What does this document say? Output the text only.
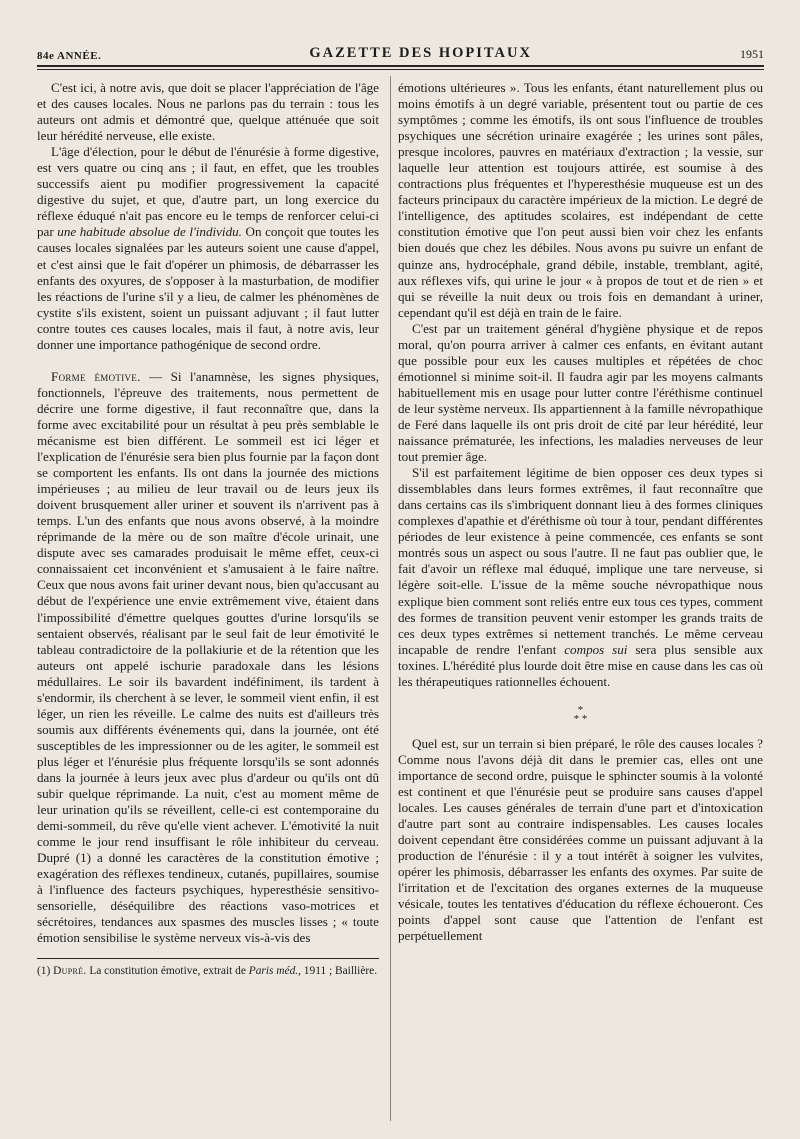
84e ANNÉE.	GAZETTE DES HOPITAUX	1951

C'est ici, à notre avis, que doit se placer l'appréciation de l'âge et des causes locales. Nous ne parlons pas du terrain : tous les auteurs ont admis et démontré que, quelque atténuée que soit leur hérédité nerveuse, elle existe.

L'âge d'élection, pour le début de l'énurésie à forme digestive, est vers quatre ou cinq ans ; il faut, en effet, que les troubles successifs aient pu modifier progressivement la capacité digestive du sujet, et que, d'autre part, un long exercice du réflexe éduqué n'ait pas encore eu le temps de renforcer celui-ci par une habitude absolue de l'individu. On conçoit que toutes les causes locales signalées par les auteurs soient une cause d'appel, et c'est ainsi que le fait d'opérer un phimosis, de débarrasser les enfants des oxyures, de s'opposer à la masturbation, de modifier les réactions de l'urine s'il y a lieu, de calmer les phénomènes de cystite s'ils existent, soient un puissant adjuvant ; il faut lutter contre toutes ces causes locales, mais il faut, à notre avis, leur donner une importance pathogénique de second ordre.

Forme émotive. — Si l'anamnèse, les signes physiques, fonctionnels, l'épreuve des traitements, nous permettent de décrire une forme digestive, il faut reconnaître que, dans la forme avec excitabilité pour un résultat à peu près semblable le mécanisme est bien différent. Le sommeil est ici léger et l'explication de l'énurésie sera bien plus fournie par la façon dont se comportent les enfants. Ils ont dans la journée des mictions impérieuses ; au milieu de leur travail ou de leurs jeux ils doivent brusquement aller uriner et souvent ils n'arrivent pas à temps. L'un des enfants que nous avons observé, à la moindre réprimande de la mère ou de son maître d'école urinait, une dispute avec ses camarades produisait le même effet, ceux-ci connaissaient cet inconvénient et s'amusaient à le faire naître. Ceux que nous avons fait uriner devant nous, bien qu'accusant au début de l'expérience une envie extrêmement vive, étaient dans l'impossibilité d'émettre quelques gouttes d'urine lorsqu'ils se sentaient observés, réalisant par le seul fait de leur émotivité le tableau contradictoire de la pollakiurie et de la rétention que les auteurs ont appelé ischurie paradoxale dans les lésions médullaires. Le soir ils bavardent indéfiniment, ils tardent à s'endormir, ils cherchent à se lever, le sommeil vient enfin, il est léger, un rien les réveille. Le calme des nuits est d'ailleurs très soumis aux différents événements qui, dans la journée, ont été susceptibles de les impressionner ou de les agiter, le sommeil est plus léger et l'énurésie plus fréquente lorsqu'ils se sont adonnés dans la journée à leurs jeux avec plus d'ardeur ou qu'ils ont dû subir quelque réprimande. La nuit, c'est au moment même de leur urination qu'ils se réveillent, celle-ci est contemporaine du demi-sommeil, du rêve qu'elle vient achever. L'émotivité la nuit comme le jour rend insuffisant le rôle inhibiteur du cerveau. Dupré (1) a donné les caractères de la constitution émotive ; exagération des réflexes tendineux, cutanés, pupillaires, soumise à l'influence des facteurs psychiques, hyperesthésie sensitivo-sensorielle, déséquilibre des réactions vaso-motrices et sécrétoires, tendances aux spasmes des muscles lisses ; « toute émotion sensibilise le système nerveux vis-à-vis des

(1) Dupré. La constitution émotive, extrait de Paris méd., 1911 ; Baillière.

émotions ultérieures ». Tous les enfants, étant naturellement plus ou moins émotifs à un degré variable, présentent tout ou partie de ces symptômes ; comme les émotifs, ils ont sous l'influence de troubles psychiques une sécrétion urinaire exagérée ; les urines sont pâles, presque incolores, pauvres en matériaux d'extraction ; la vessie, sur laquelle leur attention est toujours attirée, est soumise à des contractions plus fréquentes et l'hyperesthésie muqueuse est un des facteurs principaux du caractère impérieux de la miction. Le degré de l'intelligence, des aptitudes scolaires, est indépendant de cette constitution émotive que l'on peut aussi bien voir chez les enfants bien doués que chez les débiles. Nous avons pu suivre un enfant de quinze ans, hydrocéphale, grand débile, instable, tremblant, agité, aux réflexes vifs, qui urine le jour « à propos de tout et de rien » et qui se réveille la nuit deux ou trois fois en demandant à uriner, cependant qu'il est déjà en train de le faire.

C'est par un traitement général d'hygiène physique et de repos moral, qu'on pourra arriver à calmer ces enfants, en évitant autant que possible pour eux les causes multiples et répétées de choc émotionnel si minime soit-il. Il faudra agir par les moyens calmants habituellement mis en usage pour lutter contre l'éréthisme continuel de leur système nerveux. Ils appartiennent à la famille névropathique de Feré dans laquelle ils ont pris droit de cité par leur hérédité, leur naissance prématurée, les infections, les maladies nerveuses de leur tout premier âge.

S'il est parfaitement légitime de bien opposer ces deux types si dissemblables dans leurs formes extrêmes, il faut reconnaître que dans certains cas ils s'imbriquent donnant lieu à des formes cliniques complexes d'apathie et d'éréthisme où tour à tour, pendant différentes périodes de leur existence à peine commencée, ces enfants se sont montrés sous un aspect ou sous l'autre. Il ne faut pas oublier que, le fait d'avoir un réflexe mal éduqué, implique une tare nerveuse, si légère soit-elle. L'issue de la même souche névropathique nous explique bien comment sont reliés entre eux tous ces types, comment des formes de transition peuvent venir estomper les grands traits de ces deux types extrêmes si nettement tranchés. Le même cerveau incapable de rendre l'enfant compos sui sera plus sensible aux toxines. L'hérédité plus lourde doit être mise en cause dans les cas où les thérapeutiques rationnelles échouent.

*
* *

Quel est, sur un terrain si bien préparé, le rôle des causes locales ? Comme nous l'avons déjà dit dans le premier cas, elles ont une importance de second ordre, puisque le sphincter soumis à la volonté est continent et que l'énurésie peut se produire sans causes d'appel locales. Les causes générales de terrain d'une part et d'intoxication d'autre part sont au contraire indispensables. Les causes locales doivent cependant être considérées comme un puissant adjuvant à la production de l'énurésie : il y a tout intérêt à soigner les vulvites, opérer les phimosis, débarrasser les enfants des oxymes. Par suite de l'irritation et de l'excitation des organes externes de la muqueuse vésicale, toutes les tentatives d'éducation du réflexe échoueront. Ces points d'appel sont cause que l'attention de l'enfant est perpétuellement
